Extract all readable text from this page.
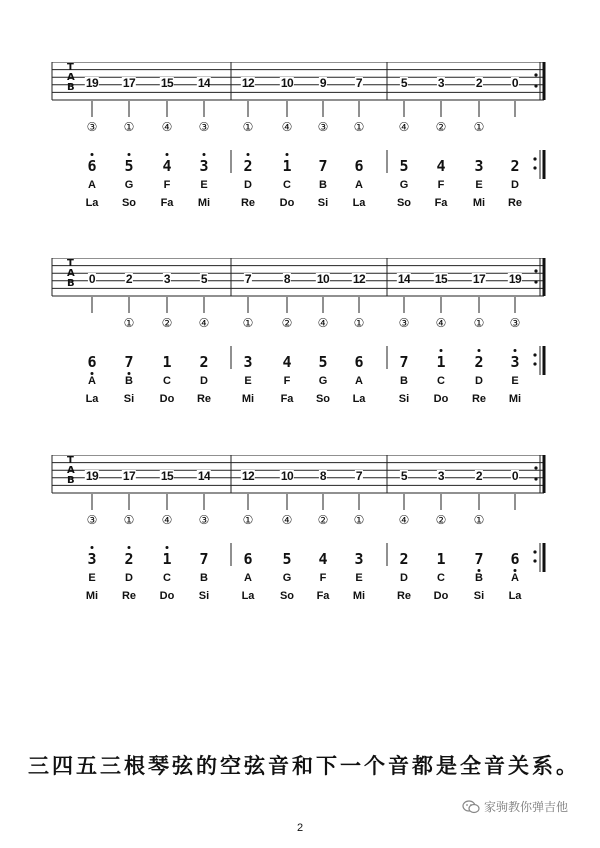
T
A
B 19
③
6
A
La
17
①
5
G
So
15
④
4
F
Fa
14
③
3
E
Mi
12
①
2
D
Re
10
④
1
C
Do
9
③
7
B
Si
7
①
6
A
La
5
④
5
G
So
3
②
4
F
Fa
2
①
3
E
Mi
0
2
D
Re
T
A
B 0
6
A
La
2
①
7
B
Si
3
②
1
C
Do
5
④
2
D
Re
7
①
3
E
Mi
8
②
4
F
Fa
10
④
5
G
So
12
①
6
A
La
14
③
7
B
Si
15
④
1
C
Do
17
①
2
D
Re
19
③
3
E
Mi
T
A
B 19
③
3
E
Mi
17
①
2
D
Re
15
④
1
C
Do
14
③
7
B
Si
12
①
6
A
La
10
④
5
G
So
8
②
4
F
Fa
7
①
3
E
Mi
5
④
2
D
Re
3
②
1
C
Do
2
①
7
B
Si
0
6
A
La
三四五三根琴弦的空弦音和下一个音都是全音关系。
家驹教你弹吉他
2
